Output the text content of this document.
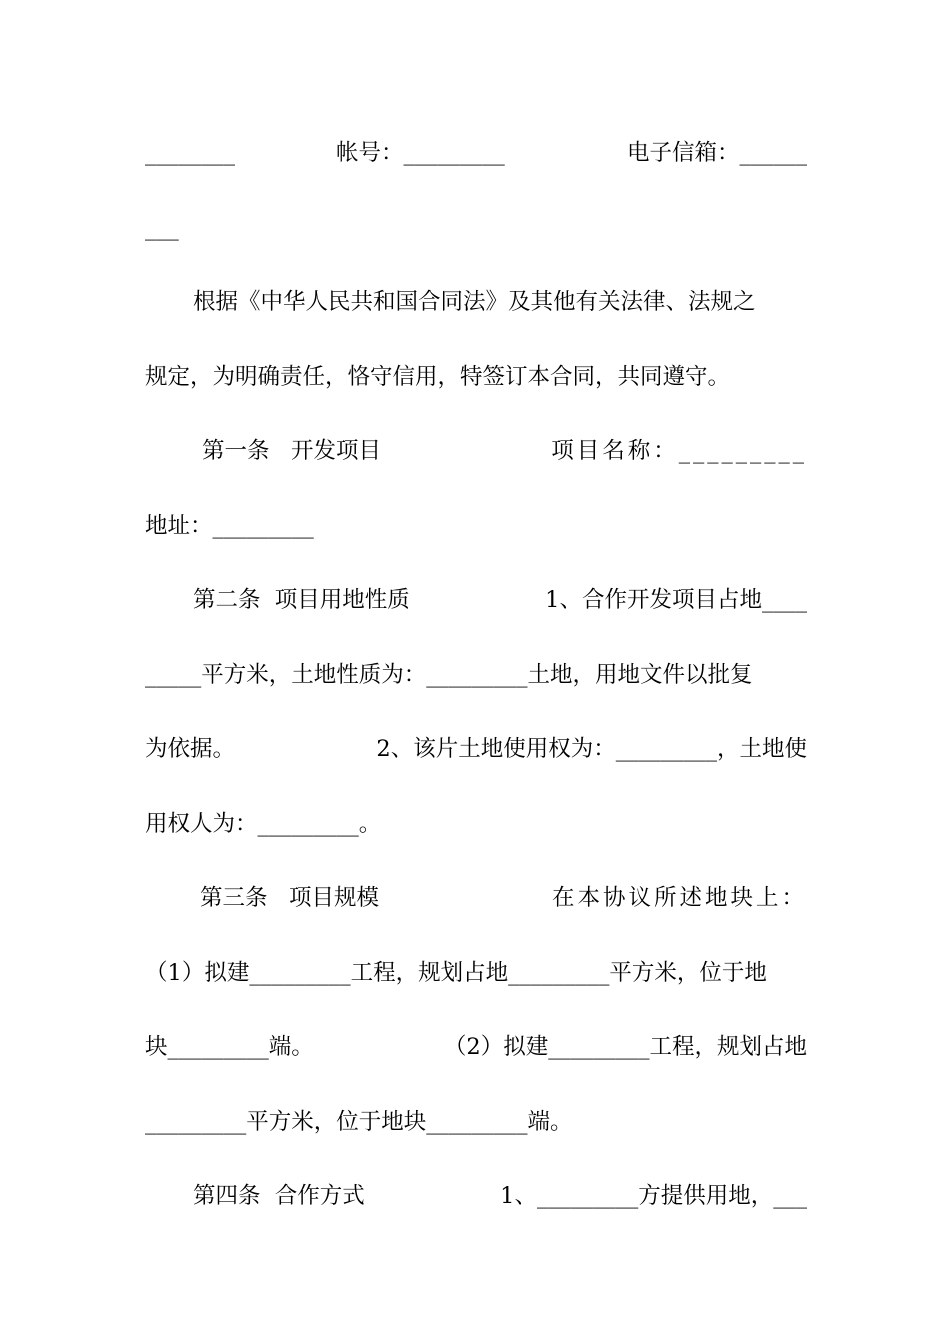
________

	帐号：_________

	电子信箱：______

___

根据《中华人民共和国合同法》及其他有关法律、法规之

规定，为明确责任，恪守信用，特签订本合同，共同遵守。

第一条   开发项目

	项目名称：_________

地址：_________

第二条  项目用地性质

	1、合作开发项目占地____

_____平方米，土地性质为：_________土地，用地文件以批复

为依据。

	2、该片土地使用权为：_________，土地使

用权人为：_________。

第三条   项目规模

	在本协议所述地块上：

（1）拟建_________工程，规划占地_________平方米，位于地

块_________端。

	（2）拟建_________工程，规划占地

_________平方米，位于地块_________端。

第四条  合作方式

	1、_________方提供用地，___
